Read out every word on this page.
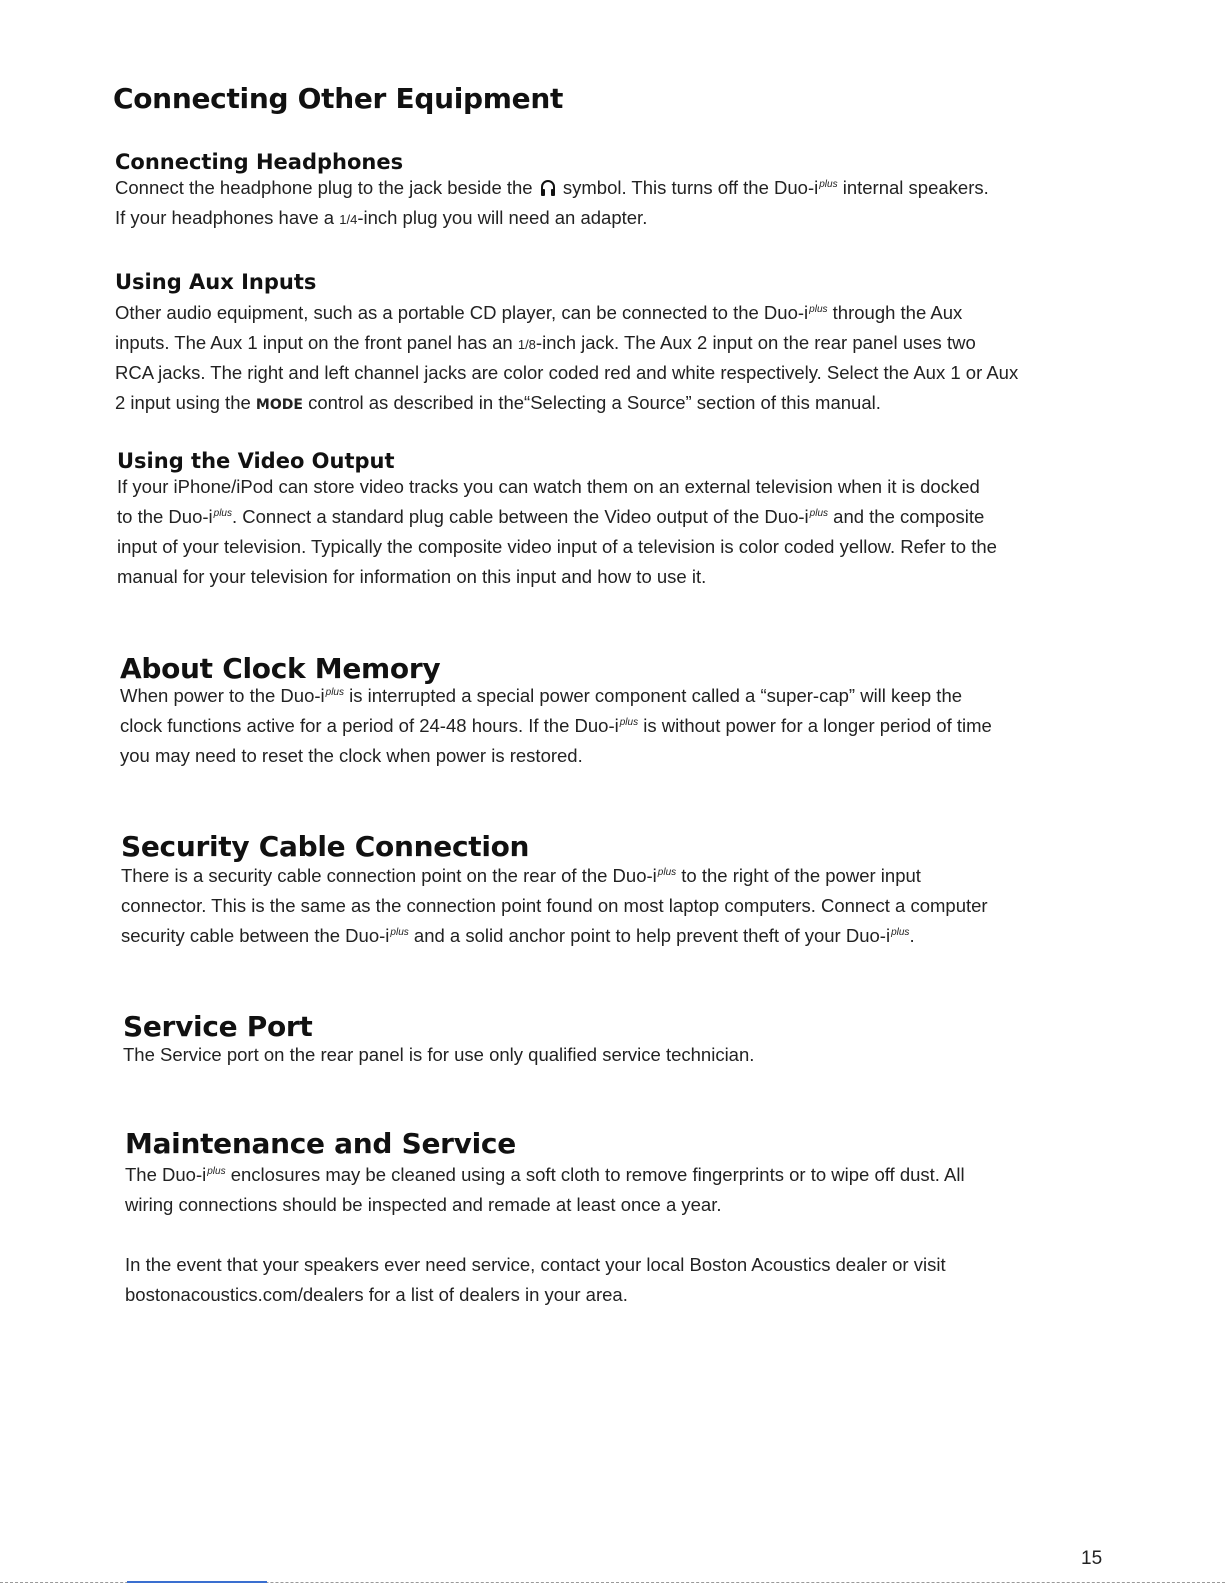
Connecting Other Equipment
Connecting Headphones
Connect the headphone plug to the jack beside the symbol. This turns off the Duo-$i^{plus}$ internal speakers.
If your headphones have a 1/4-inch plug you will need an adapter.
Using Aux Inputs
Other audio equipment, such as a portable CD player, can be connected to the Duo-$i^{plus}$ through the Aux
inputs. The Aux 1 input on the front panel has an 1/8-inch jack. The Aux 2 input on the rear panel uses two
RCA jacks. The right and left channel jacks are color coded red and white respectively. Select the Aux 1 or Aux
2 input using the MODE control as described in the“Selecting a Source” section of this manual.
Using the Video Output
If your iPhone/iPod can store video tracks you can watch them on an external television when it is docked
to the Duo-$i^{plus}$. Connect a standard plug cable between the Video output of the Duo-$i^{plus}$ and the composite
input of your television. Typically the composite video input of a television is color coded yellow. Refer to the
manual for your television for information on this input and how to use it.
About Clock Memory
When power to the Duo-$i^{plus}$ is interrupted a special power component called a “super-cap” will keep the
clock functions active for a period of 24-48 hours. If the Duo-$i^{plus}$ is without power for a longer period of time
you may need to reset the clock when power is restored.
Security Cable Connection
There is a security cable connection point on the rear of the Duo-$i^{plus}$ to the right of the power input
connector. This is the same as the connection point found on most laptop computers. Connect a computer
security cable between the Duo-$i^{plus}$ and a solid anchor point to help prevent theft of your Duo-$i^{plus}$.
Service Port
The Service port on the rear panel is for use only qualified service technician.
Maintenance and Service
The Duo-$i^{plus}$ enclosures may be cleaned using a soft cloth to remove fingerprints or to wipe off dust. All
wiring connections should be inspected and remade at least once a year.
In the event that your speakers ever need service, contact your local Boston Acoustics dealer or visit
bostonacoustics.com/dealers for a list of dealers in your area.
15
